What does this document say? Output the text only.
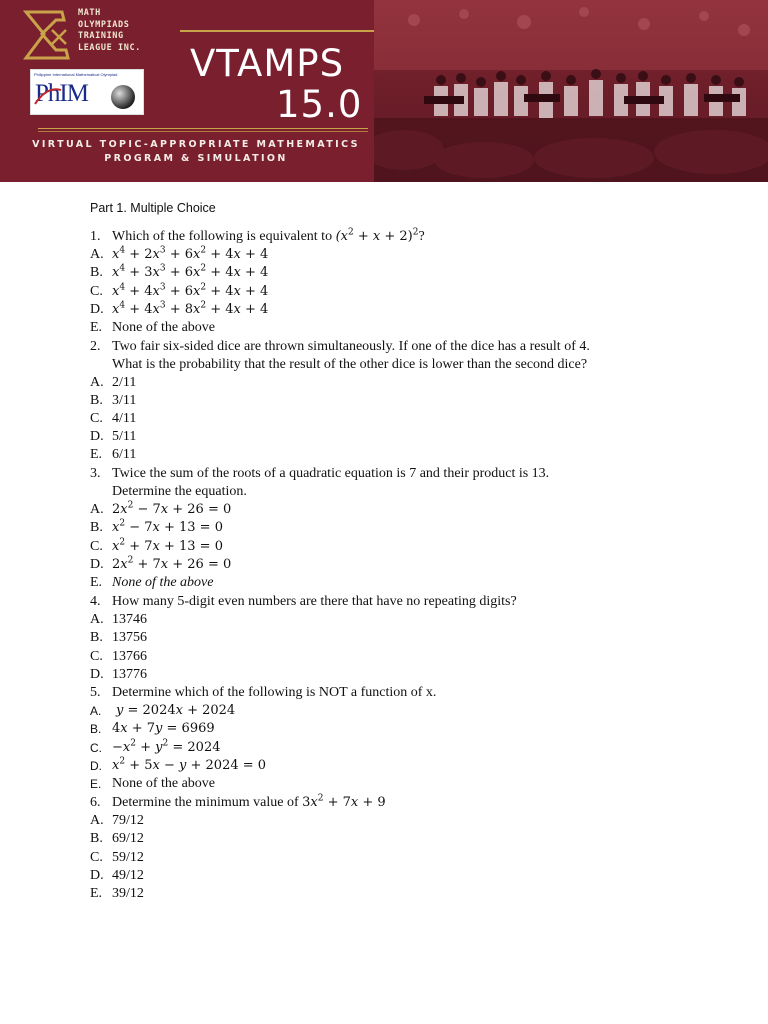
MATH
OLYMPIADS
TRAINING
LEAGUE INC.
Philippine International Mathematical Olympiad
PhIM
VTAMPS
15.0
VIRTUAL TOPIC-APPROPRIATE MATHEMATICS
PROGRAM & SIMULATION
Part 1. Multiple Choice
1. Which of the following is equivalent to $(x^2 + x + 2)^2$?
A. $x^4 + 2x^3 + 6x^2 + 4x + 4$
B. $x^4 + 3x^3 + 6x^2 + 4x + 4$
C. $x^4 + 4x^3 + 6x^2 + 4x + 4$
D. $x^4 + 4x^3 + 8x^2 + 4x + 4$
E. None of the above
2. Two fair six-sided dice are thrown simultaneously. If one of the dice has a result of 4.
What is the probability that the result of the other dice is lower than the second dice?
A. 2/11
B. 3/11
C. 4/11
D. 5/11
E. 6/11
3. Twice the sum of the roots of a quadratic equation is 7 and their product is 13.
Determine the equation.
A. $2x^2 - 7x + 26 = 0$
B. $x^2 - 7x + 13 = 0$
C. $x^2 + 7x + 13 = 0$
D. $2x^2 + 7x + 26 = 0$
E. None of the above
4. How many 5-digit even numbers are there that have no repeating digits?
A. 13746
B. 13756
C. 13766
D. 13776
5. Determine which of the following is NOT a function of x.
A. y = 2024x + 2024
B. 4x + 7y = 6969
C. $-x^2 + y^2 = 2024$
D. $x^2 + 5x - y + 2024 = 0$
E. None of the above
6. Determine the minimum value of $3x^2 + 7x + 9$
A. 79/12
B. 69/12
C. 59/12
D. 49/12
E. 39/12
